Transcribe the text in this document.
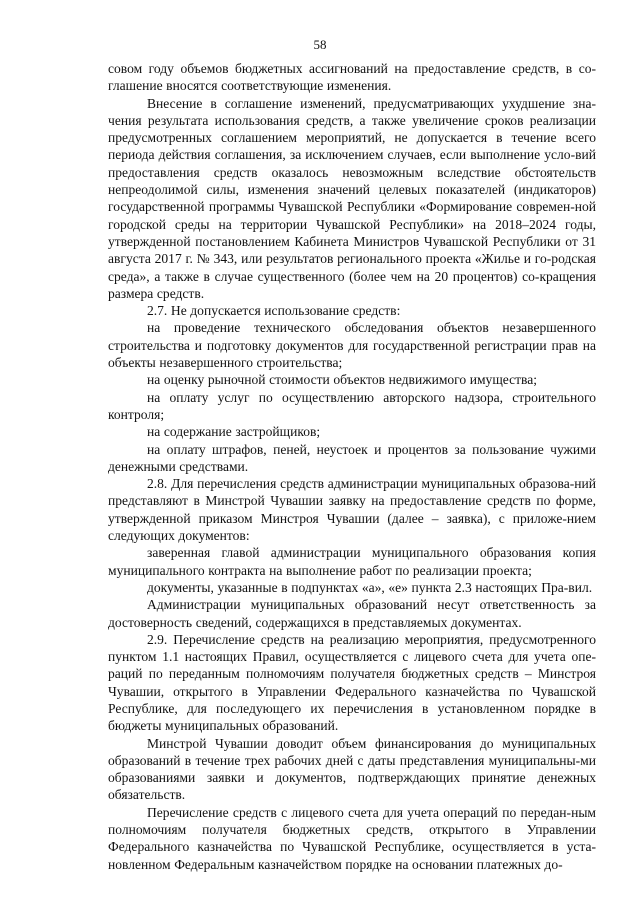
58

совом году объемов бюджетных ассигнований на предоставление средств, в со-глашение вносятся соответствующие изменения.

Внесение в соглашение изменений, предусматривающих ухудшение зна-чения результата использования средств, а также увеличение сроков реализации предусмотренных соглашением мероприятий, не допускается в течение всего периода действия соглашения, за исключением случаев, если выполнение усло-вий предоставления средств оказалось невозможным вследствие обстоятельств непреодолимой силы, изменения значений целевых показателей (индикаторов) государственной программы Чувашской Республики «Формирование современ-ной городской среды на территории Чувашской Республики» на 2018–2024 годы, утвержденной постановлением Кабинета Министров Чувашской Республики от 31 августа 2017 г. № 343, или результатов регионального проекта «Жилье и го-родская среда», а также в случае существенного (более чем на 20 процентов) со-кращения размера средств.

2.7. Не допускается использование средств:

на проведение технического обследования объектов незавершенного строительства и подготовку документов для государственной регистрации прав на объекты незавершенного строительства;

на оценку рыночной стоимости объектов недвижимого имущества;

на оплату услуг по осуществлению авторского надзора, строительного контроля;

на содержание застройщиков;

на оплату штрафов, пеней, неустоек и процентов за пользование чужими денежными средствами.

2.8. Для перечисления средств администрации муниципальных образова-ний представляют в Минстрой Чувашии заявку на предоставление средств по форме, утвержденной приказом Минстроя Чувашии (далее – заявка), с приложе-нием следующих документов:

заверенная главой администрации муниципального образования копия муниципального контракта на выполнение работ по реализации проекта;

документы, указанные в подпунктах «а», «е» пункта 2.3 настоящих Пра-вил.

Администрации муниципальных образований несут ответственность за достоверность сведений, содержащихся в представляемых документах.

2.9. Перечисление средств на реализацию мероприятия, предусмотренного пунктом 1.1 настоящих Правил, осуществляется с лицевого счета для учета опе-раций по переданным полномочиям получателя бюджетных средств – Минстроя Чувашии, открытого в Управлении Федерального казначейства по Чувашской Республике, для последующего их перечисления в установленном порядке в бюджеты муниципальных образований.

Минстрой Чувашии доводит объем финансирования до муниципальных образований в течение трех рабочих дней с даты представления муниципальны-ми образованиями заявки и документов, подтверждающих принятие денежных обязательств.

Перечисление средств с лицевого счета для учета операций по передан-ным полномочиям получателя бюджетных средств, открытого в Управлении Федерального казначейства по Чувашской Республике, осуществляется в уста-новленном Федеральным казначейством порядке на основании платежных до-
